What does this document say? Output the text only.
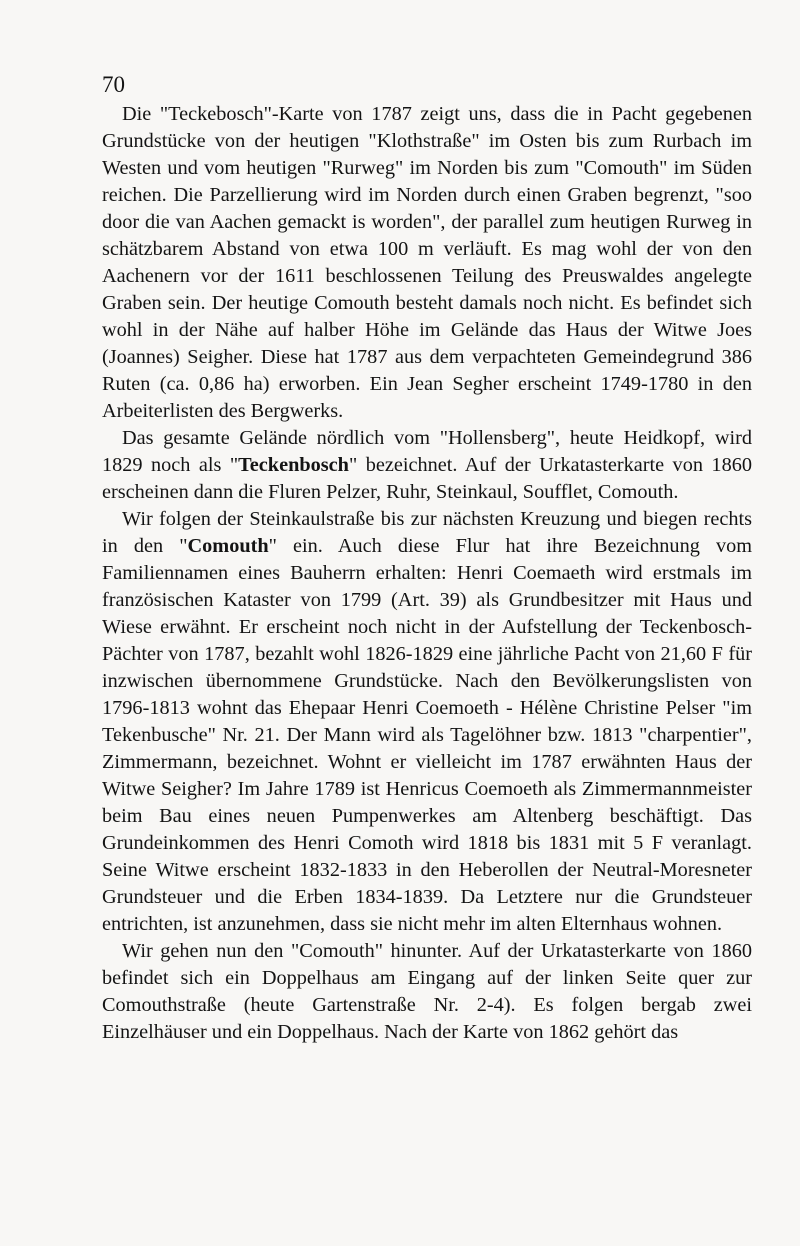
70

Die "Teckebosch"-Karte von 1787 zeigt uns, dass die in Pacht gegebenen Grundstücke von der heutigen "Klothstraße" im Osten bis zum Rurbach im Westen und vom heutigen "Rurweg" im Norden bis zum "Comouth" im Süden reichen. Die Parzellierung wird im Norden durch einen Graben begrenzt, "soo door die van Aachen gemackt is worden", der parallel zum heutigen Rurweg in schätzbarem Abstand von etwa 100 m verläuft. Es mag wohl der von den Aachenern vor der 1611 beschlossenen Teilung des Preuswaldes angelegte Graben sein. Der heutige Comouth besteht damals noch nicht. Es befindet sich wohl in der Nähe auf halber Höhe im Gelände das Haus der Witwe Joes (Joannes) Seigher. Diese hat 1787 aus dem verpachteten Gemeindegrund 386 Ruten (ca. 0,86 ha) erworben. Ein Jean Segher erscheint 1749-1780 in den Arbeiterlisten des Bergwerks.

Das gesamte Gelände nördlich vom "Hollensberg", heute Heidkopf, wird 1829 noch als "Teckenbosch" bezeichnet. Auf der Urkatasterkarte von 1860 erscheinen dann die Fluren Pelzer, Ruhr, Steinkaul, Soufflet, Comouth.

Wir folgen der Steinkaulstraße bis zur nächsten Kreuzung und biegen rechts in den "Comouth" ein. Auch diese Flur hat ihre Bezeichnung vom Familiennamen eines Bauherrn erhalten: Henri Coemaeth wird erstmals im französischen Kataster von 1799 (Art. 39) als Grundbesitzer mit Haus und Wiese erwähnt. Er erscheint noch nicht in der Aufstellung der Teckenbosch-Pächter von 1787, bezahlt wohl 1826-1829 eine jährliche Pacht von 21,60 F für inzwischen übernommene Grundstücke. Nach den Bevölkerungslisten von 1796-1813 wohnt das Ehepaar Henri Coemoeth - Hélène Christine Pelser "im Tekenbusche" Nr. 21. Der Mann wird als Tagelöhner bzw. 1813 "charpentier", Zimmermann, bezeichnet. Wohnt er vielleicht im 1787 erwähnten Haus der Witwe Seigher? Im Jahre 1789 ist Henricus Coemoeth als Zimmermannmeister beim Bau eines neuen Pumpenwerkes am Altenberg beschäftigt. Das Grundeinkommen des Henri Comoth wird 1818 bis 1831 mit 5 F veranlagt. Seine Witwe erscheint 1832-1833 in den Heberollen der Neutral-Moresneter Grundsteuer und die Erben 1834-1839. Da Letztere nur die Grundsteuer entrichten, ist anzunehmen, dass sie nicht mehr im alten Elternhaus wohnen.

Wir gehen nun den "Comouth" hinunter. Auf der Urkatasterkarte von 1860 befindet sich ein Doppelhaus am Eingang auf der linken Seite quer zur Comouthstraße (heute Gartenstraße Nr. 2-4). Es folgen bergab zwei Einzelhäuser und ein Doppelhaus. Nach der Karte von 1862 gehört das
